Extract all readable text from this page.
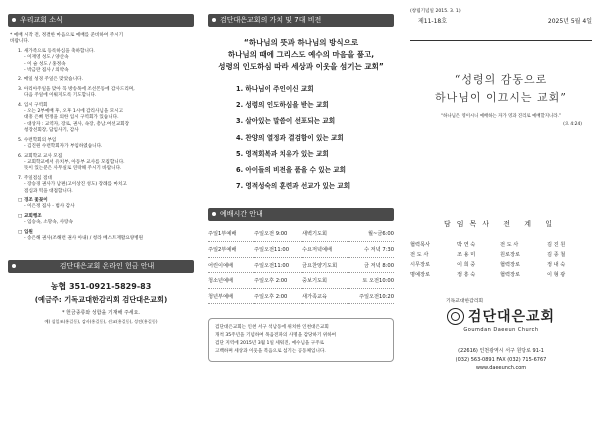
우리교회 소식
* 예배 시작 전, 정결한 마음으로 예배를 준비하여 주시기
바랍니다.
1. 새가족으로 등록하심을 축하합니다.
- 이재영 성도 / 양산속
- 이 슬 성도 / 홍정속
- 박금란 집사 / 의약속
2. 매일 성경 주일은 맞았습니다.
3. 아리아주일을 맞아 꼭 방송목에 조선몬동에 감사드리며,
다음 주일에 이뤄지도록 기도합니다.
4. 입시 구역회
- 오는 2부예배 후, 오후 1시에 감리사님을 모시고
대흥 은뼈 면정을 의한 입시 구역회가 있습니다.
- 대상자 : 교역자, 장로, 권사, 속장, 총남.여선교회장
청장선회장, 담임사기, 감사
5. 수련학회의 부임
- 김진원 수련학회자가 부임하였습니다.
6. 교회학교 교사 모집
- 교회학교에서 유치부, 아동부 교사를 모집합니다.
뜻이 있는분은 사무실로 연락해 주시기 바랍니다.
7. 주일점심 점대
- 장승경 권사가 남편(고이상진 성도) 장례를 마치고
점심과 떡을 대접합니다.
□ 경조 꽃꽂이
- 이은정 집사 - 범사 감사
□ 교회행조
- 임승속, 소망속, 사랑속
□ 입원
- 송은해 권사(조해련 권사 아내) / 청라 베스트재활요양병원
검단대은교회 온라인 헌금 안내
농협 351-0921-5829-83
(예금주: 기독교대한감리회 검단대은교회)
* 헌금종류와 성함을 기재해 주세요.
예) 십일조(홍길동), 감사(홍길동), 선교(홍길동), 성전(홍길동)
검단대은교회의 가치 및 7대 비전
“하나님의 뜻과 하나님의 방식으로
하나님의 때에 그리스도 예수의 마음을 품고,
성령의 인도하심 따라 세상과 이웃을 섬기는 교회”
1. 하나님이 주인이신 교회
2. 성령의 인도하심을 받는 교회
3. 살아있는 말씀이 선포되는 교회
4. 찬양의 열정과 결검함이 있는 교회
5. 영적회복과 치유가 있는 교회
6. 아이들의 비전을 품을 수 있는 교회
7. 영적성숙의 훈련과 선교가 있는 교회
예배시간 안내
주일1부예배	주일오전 9:00	새벽기도회	월~금6:00
주일2부예배	주일오전11:00	수요저녁예배	수 저녁 7:30
어린이예배	주일오전11:00	금요찬양기도회	금 저녁 8:00
청소년예배	주일오후 2:00	중보기도회	토 오전10:00
청년부예배	주일오후 2:00	새가족교육	주일오전10:20

검단대은교회는 인천 서구 석남동에 위치한 인천대은교회

개척 35주년을 기념하여 목음전파의 사명을 감당하기 위하여

검단 지역에 2015년 3월 1일 세워진, 예수님을 구주로

고백하며 세상과 이웃을 복음으로 섬기는 공동체입니다.

(창립기념일 2015. 3. 1)
제11-18호	2025년 5월 4일
“성령의 감동으로
하나님이 이끄시는 교회”
“하나님은 영이시니 예배하는 자가 영과 진리로 예배할지니라.”
(요 4:24)
담임목사 전 계 일
협력목사	박 연 숙	전 도 사	김 진 원
전 도 사	조 용 미	원로장로	김 종 철
시무장로	이 희 중	협력장로	정 내 숙
명예장로	정 흥 숙	협력장로	이 형 광
기독교대한감리회
검단대은교회
Goumdan Daeeun Church
(22616) 인천광역시 서구 원당로 91-1
(032) 563-0891 FAX (032) 715-6767
www.daeeunch.com
